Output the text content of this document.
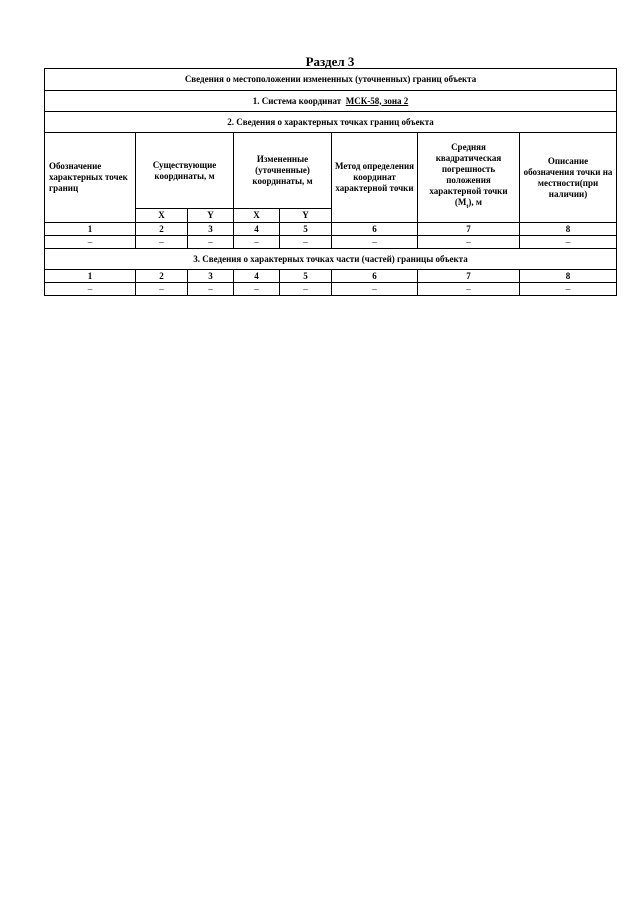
Раздел 3
Сведения о местоположении измененных (уточненных) границ объекта							
1. Система координат МСК-58, зона 2							
2. Сведения о характерных точках границ объекта							
Обозначение характерных точек границ	Существующие координаты, м		Измененные (уточненные) координаты, м		Метод определения координат характерной точки	Средняя квадратическая погрешность положения характерной точки $(M_t)$, м	Описание обозначения точки на местности(при наличии)
	X	Y	X	Y			
1	2	3	4	5	6	7	8
–	–	–	–	–	–	–	–
3. Сведения о характерных точках части (частей) границы объекта							
1	2	3	4	5	6	7	8
–	–	–	–	–	–	–	–
